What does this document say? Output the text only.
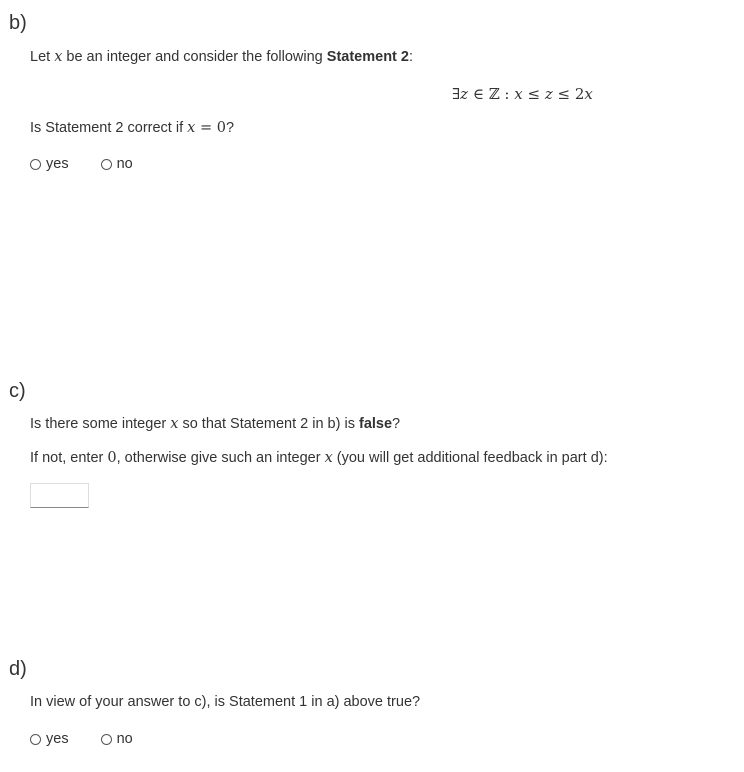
b)
Let x be an integer and consider the following Statement 2:
∃z ∈ ℤ : x ≤ z ≤ 2x
Is Statement 2 correct if x = 0?
yes	no
c)
Is there some integer x so that Statement 2 in b) is false?
If not, enter 0, otherwise give such an integer x (you will get additional feedback in part d):
d)
In view of your answer to c), is Statement 1 in a) above true?
yes	no
